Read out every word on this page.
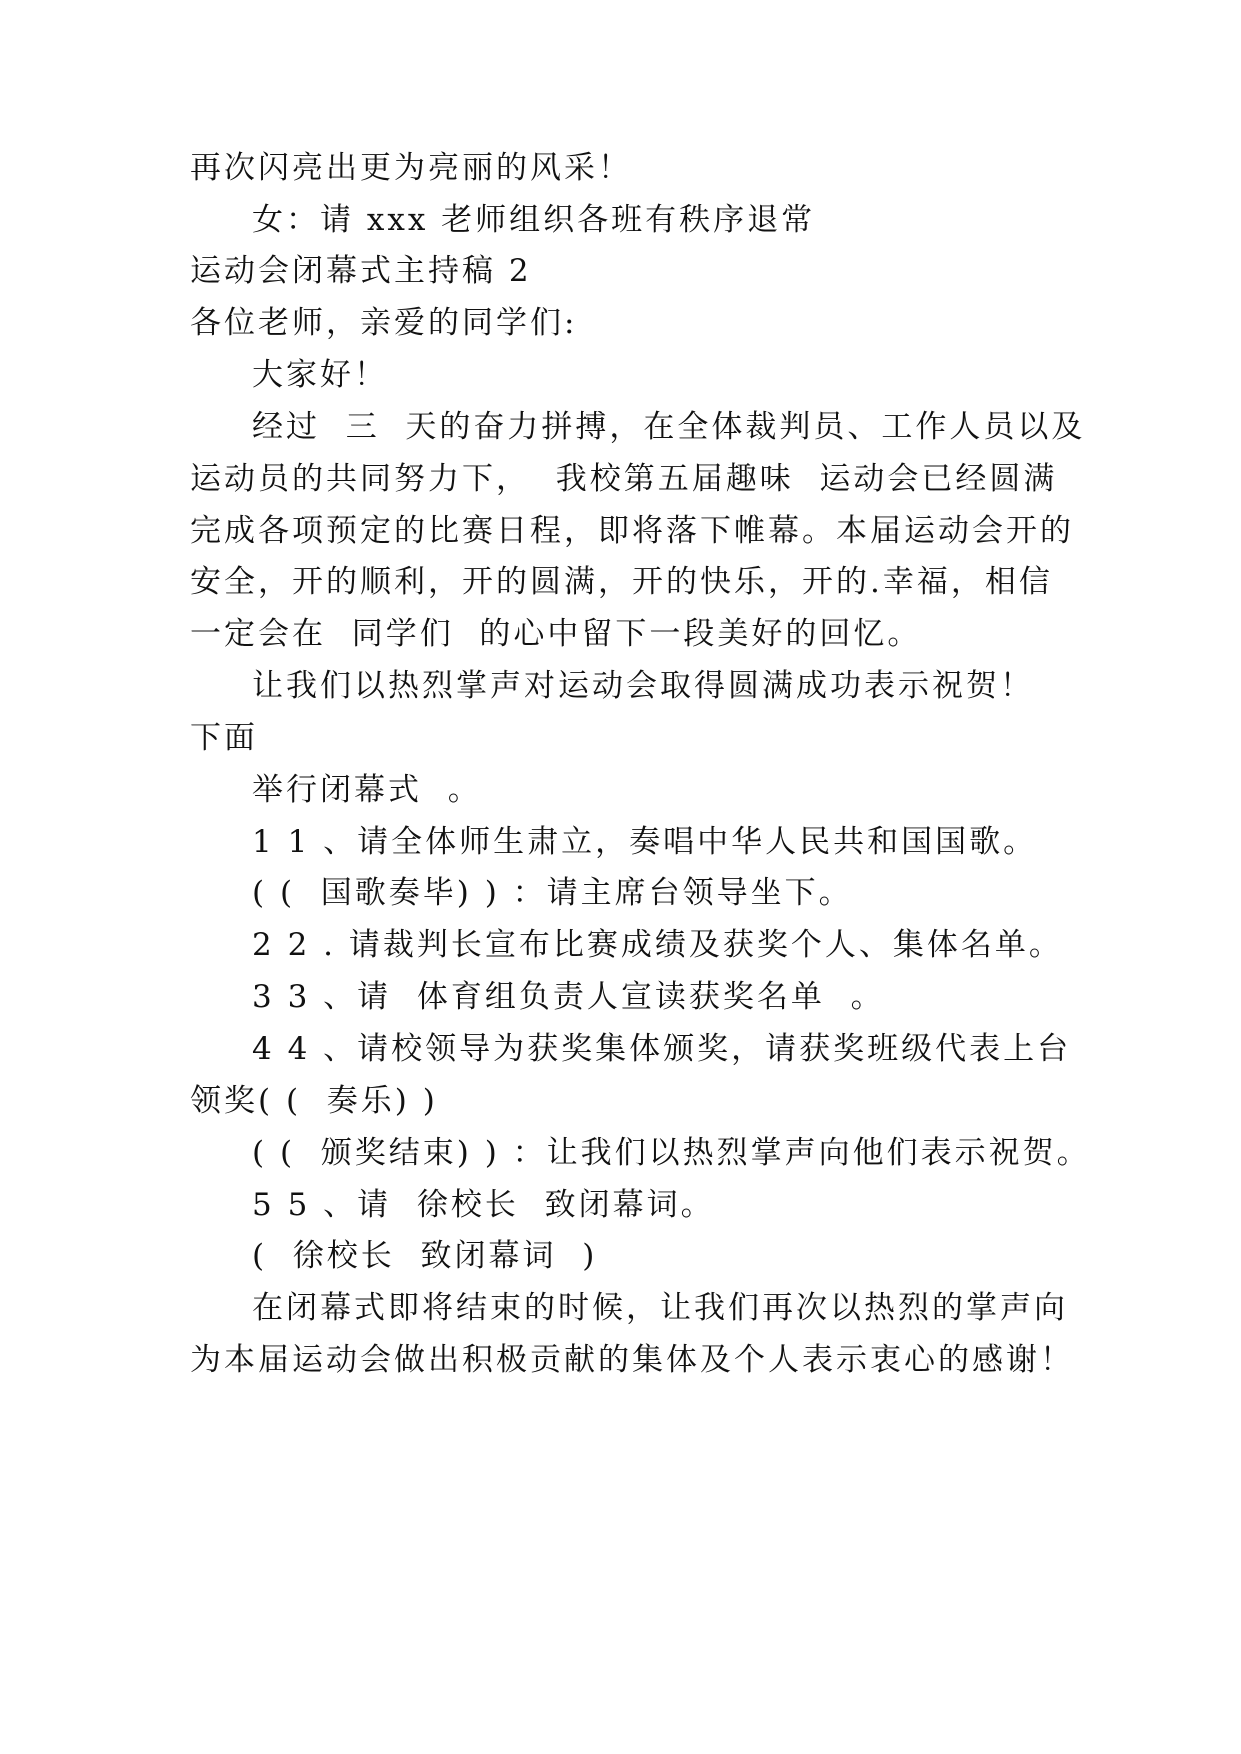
再次闪亮出更为亮丽的风采！
女：请 xxx 老师组织各班有秩序退常
运动会闭幕式主持稿 2
各位老师，亲爱的同学们:
大家好！
经过  三  天的奋力拼搏，在全体裁判员、工作人员以及
运动员的共同努力下，  我校第五届趣味  运动会已经圆满
完成各项预定的比赛日程，即将落下帷幕。本届运动会开的
安全，开的顺利，开的圆满，开的快乐，开的.幸福，相信
一定会在  同学们  的心中留下一段美好的回忆。
让我们以热烈掌声对运动会取得圆满成功表示祝贺！
下面
举行闭幕式  。
1 1 、请全体师生肃立，奏唱中华人民共和国国歌。
( (  国歌奏毕) ) ：请主席台领导坐下。
2 2 . 请裁判长宣布比赛成绩及获奖个人、集体名单。
3 3 、请  体育组负责人宣读获奖名单  。
4 4 、请校领导为获奖集体颁奖，请获奖班级代表上台
领奖( (  奏乐) )
( (  颁奖结束) ) ：让我们以热烈掌声向他们表示祝贺。
5 5 、请  徐校长  致闭幕词。
(  徐校长  致闭幕词  )
在闭幕式即将结束的时候，让我们再次以热烈的掌声向
为本届运动会做出积极贡献的集体及个人表示衷心的感谢！
